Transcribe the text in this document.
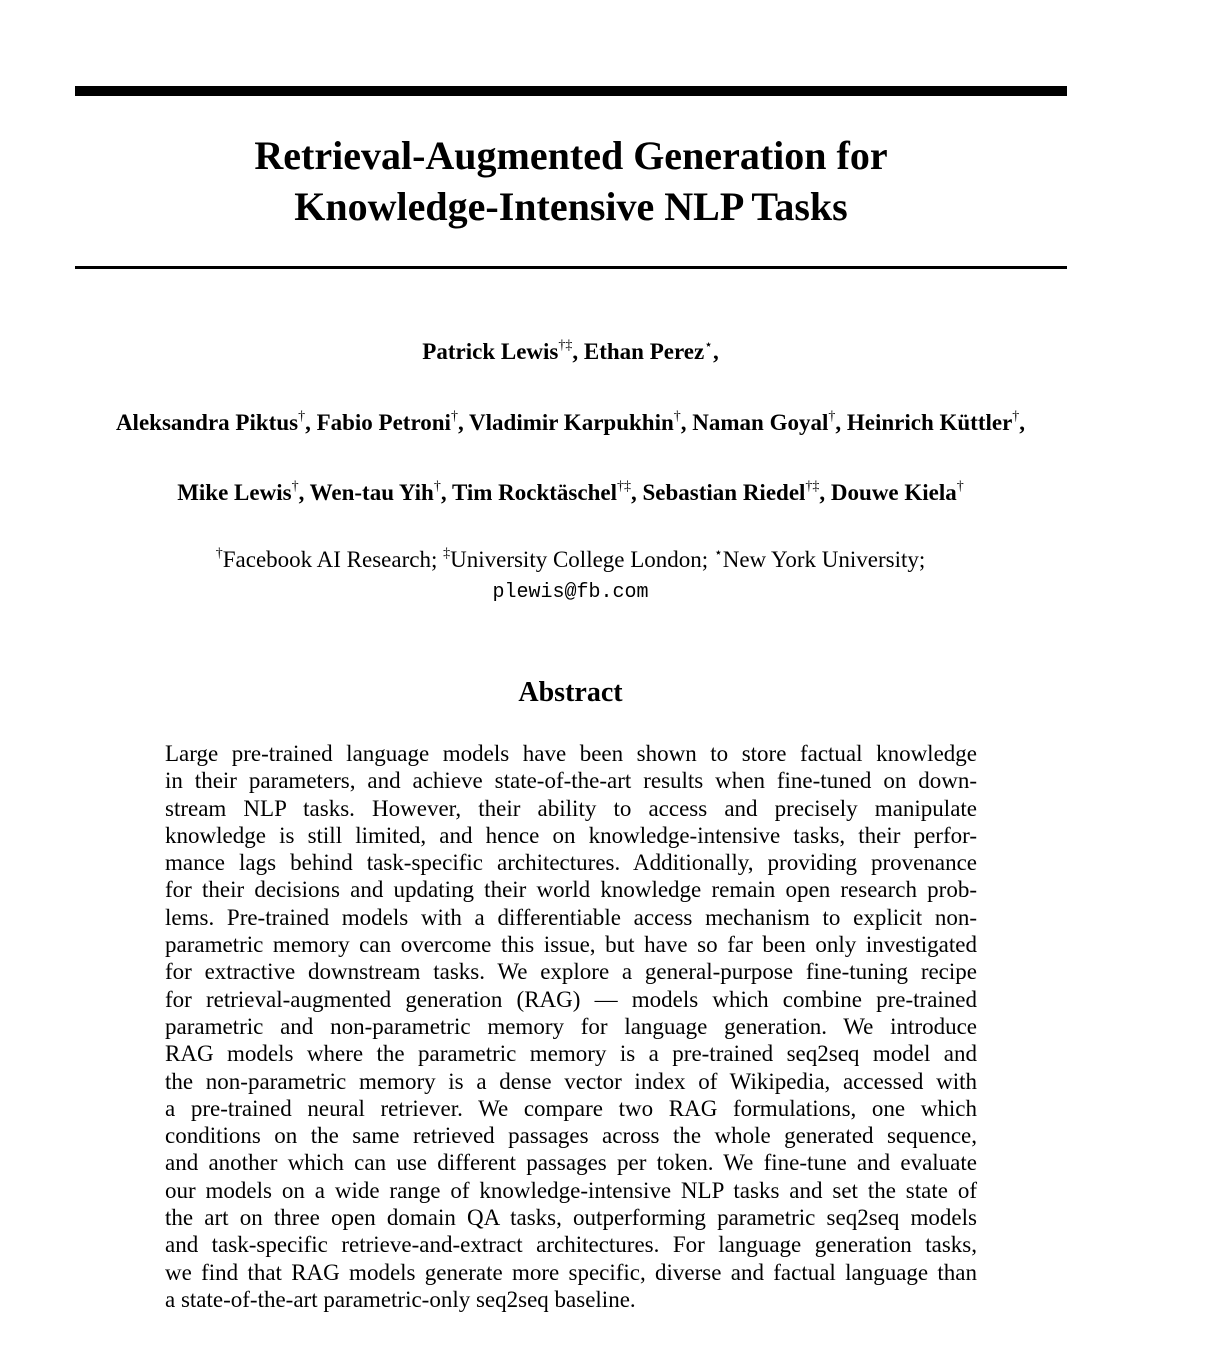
Retrieval-Augmented Generation for
Knowledge-Intensive NLP Tasks
Patrick Lewis†‡, Ethan Perez⋆,
Aleksandra Piktus†, Fabio Petroni†, Vladimir Karpukhin†, Naman Goyal†, Heinrich Küttler†,
Mike Lewis†, Wen-tau Yih†, Tim Rocktäschel†‡, Sebastian Riedel†‡, Douwe Kiela†
†Facebook AI Research; ‡University College London; ⋆New York University;
plewis@fb.com
Abstract
Large pre-trained language models have been shown to store factual knowledge
in their parameters, and achieve state-of-the-art results when fine-tuned on down-
stream NLP tasks. However, their ability to access and precisely manipulate
knowledge is still limited, and hence on knowledge-intensive tasks, their perfor-
mance lags behind task-specific architectures. Additionally, providing provenance
for their decisions and updating their world knowledge remain open research prob-
lems. Pre-trained models with a differentiable access mechanism to explicit non-
parametric memory can overcome this issue, but have so far been only investigated
for extractive downstream tasks. We explore a general-purpose fine-tuning recipe
for retrieval-augmented generation (RAG) — models which combine pre-trained
parametric and non-parametric memory for language generation. We introduce
RAG models where the parametric memory is a pre-trained seq2seq model and
the non-parametric memory is a dense vector index of Wikipedia, accessed with
a pre-trained neural retriever. We compare two RAG formulations, one which
conditions on the same retrieved passages across the whole generated sequence,
and another which can use different passages per token. We fine-tune and evaluate
our models on a wide range of knowledge-intensive NLP tasks and set the state of
the art on three open domain QA tasks, outperforming parametric seq2seq models
and task-specific retrieve-and-extract architectures. For language generation tasks,
we find that RAG models generate more specific, diverse and factual language than
a state-of-the-art parametric-only seq2seq baseline.
